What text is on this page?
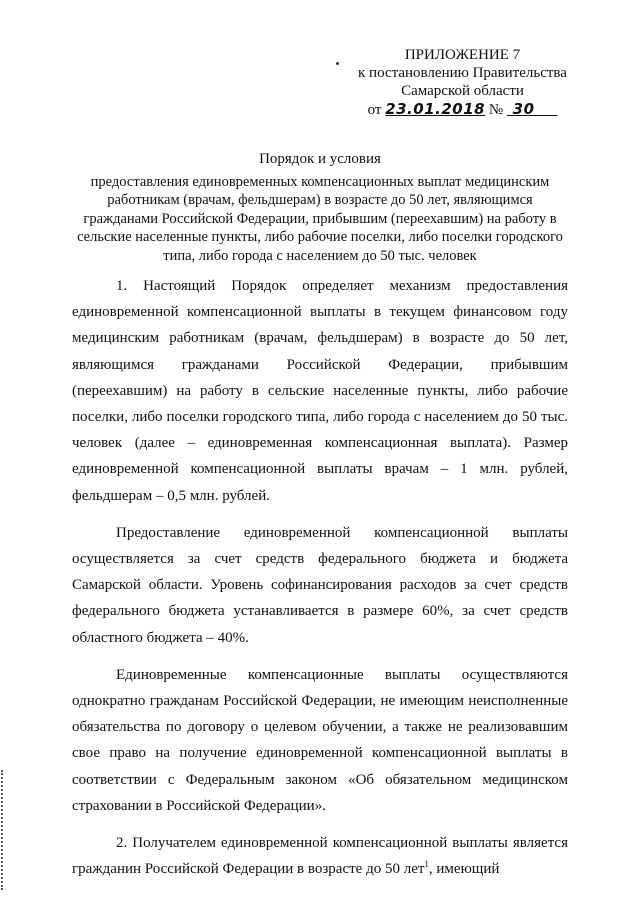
ПРИЛОЖЕНИЕ 7
к постановлению Правительства
Самарской области
от 23.01.2018 № 30
Порядок и условия
предоставления единовременных компенсационных выплат медицинским работникам (врачам, фельдшерам) в возрасте до 50 лет, являющимся гражданами Российской Федерации, прибывшим (переехавшим) на работу в сельские населенные пункты, либо рабочие поселки, либо поселки городского типа, либо города с населением до 50 тыс. человек

1. Настоящий Порядок определяет механизм предоставления единовременной компенсационной выплаты в текущем финансовом году медицинским работникам (врачам, фельдшерам) в возрасте до 50 лет, являющимся гражданами Российской Федерации, прибывшим (переехавшим) на работу в сельские населенные пункты, либо рабочие поселки, либо поселки городского типа, либо города с населением до 50 тыс. человек (далее – единовременная компенсационная выплата). Размер единовременной компенсационной выплаты врачам – 1 млн. рублей, фельдшерам – 0,5 млн. рублей.

Предоставление единовременной компенсационной выплаты осуществляется за счет средств федерального бюджета и бюджета Самарской области. Уровень софинансирования расходов за счет средств федерального бюджета устанавливается в размере 60%, за счет средств областного бюджета – 40%.

Единовременные компенсационные выплаты осуществляются однократно гражданам Российской Федерации, не имеющим неисполненные обязательства по договору о целевом обучении, а также не реализовавшим свое право на получение единовременной компенсационной выплаты в соответствии с Федеральным законом «Об обязательном медицинском страховании в Российской Федерации».

2. Получателем единовременной компенсационной выплаты является гражданин Российской Федерации в возрасте до 50 лет$^1$, имеющий
